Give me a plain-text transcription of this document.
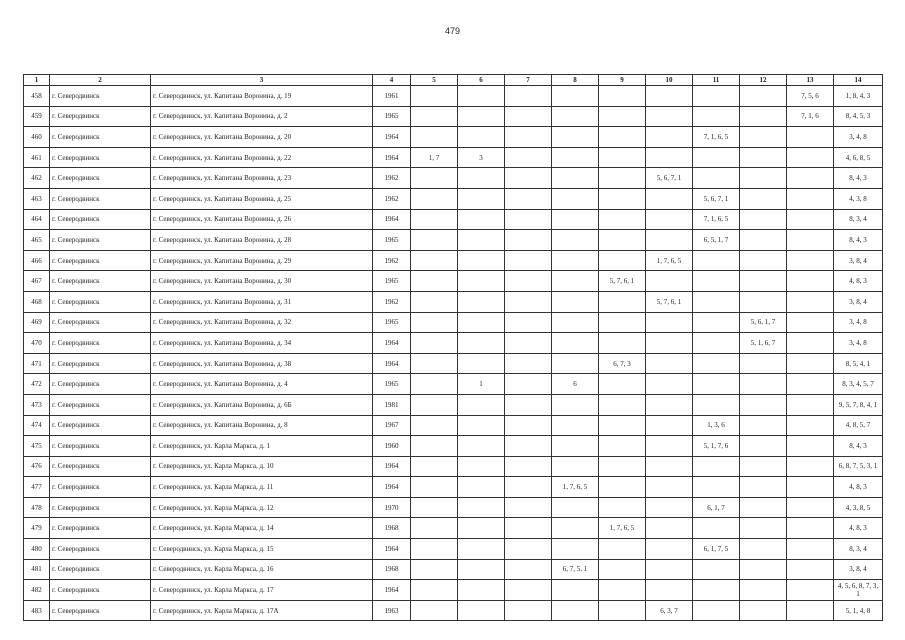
479
1	2	3	4	5	6	7	8	9	10	11	12	13	14
458	г. Северодвинск	г. Северодвинск, ул. Капитана Воронина, д. 19	1961									7, 5, 6	1, 8, 4, 3
459	г. Северодвинск	г. Северодвинск, ул. Капитана Воронина, д. 2	1965									7, 1, 6	8, 4, 5, 3
460	г. Северодвинск	г. Северодвинск, ул. Капитана Воронина, д. 20	1964							7, 1, 6, 5			3, 4, 8
461	г. Северодвинск	г. Северодвинск, ул. Капитана Воронина, д. 22	1964	1, 7	3								4, 6, 8, 5
462	г. Северодвинск	г. Северодвинск, ул. Капитана Воронина, д. 23	1962						5, 6, 7, 1				8, 4, 3
463	г. Северодвинск	г. Северодвинск, ул. Капитана Воронина, д. 25	1962							5, 6, 7, 1			4, 3, 8
464	г. Северодвинск	г. Северодвинск, ул. Капитана Воронина, д. 26	1964							7, 1, 6, 5			8, 3, 4
465	г. Северодвинск	г. Северодвинск, ул. Капитана Воронина, д. 28	1965							6, 5, 1, 7			8, 4, 3
466	г. Северодвинск	г. Северодвинск, ул. Капитана Воронина, д. 29	1962						1, 7, 6, 5				3, 8, 4
467	г. Северодвинск	г. Северодвинск, ул. Капитана Воронина, д. 30	1965					5, 7, 6, 1					4, 8, 3
468	г. Северодвинск	г. Северодвинск, ул. Капитана Воронина, д. 31	1962						5, 7, 6, 1				3, 8, 4
469	г. Северодвинск	г. Северодвинск, ул. Капитана Воронина, д. 32	1965								5, 6, 1, 7		3, 4, 8
470	г. Северодвинск	г. Северодвинск, ул. Капитана Воронина, д. 34	1964								5, 1, 6, 7		3, 4, 8
471	г. Северодвинск	г. Северодвинск, ул. Капитана Воронина, д. 38	1964					6, 7, 3					8, 5, 4, 1
472	г. Северодвинск	г. Северодвинск, ул. Капитана Воронина, д. 4	1965		1		6						8, 3, 4, 5, 7
473	г. Северодвинск	г. Северодвинск, ул. Капитана Воронина, д. 6Б	1981										9, 5, 7, 8, 4, 1
474	г. Северодвинск	г. Северодвинск, ул. Капитана Воронина, д. 8	1967							1, 3, 6			4, 8, 5, 7
475	г. Северодвинск	г. Северодвинск, ул. Карла Маркса, д. 1	1960							5, 1, 7, 6			8, 4, 3
476	г. Северодвинск	г. Северодвинск, ул. Карла Маркса, д. 10	1964										6, 8, 7, 5, 3, 1
477	г. Северодвинск	г. Северодвинск, ул. Карла Маркса, д. 11	1964				1, 7, 6, 5						4, 8, 3
478	г. Северодвинск	г. Северодвинск, ул. Карла Маркса, д. 12	1970							6, 1, 7			4, 3, 8, 5
479	г. Северодвинск	г. Северодвинск, ул. Карла Маркса, д. 14	1968					1, 7, 6, 5					4, 8, 3
480	г. Северодвинск	г. Северодвинск, ул. Карла Маркса, д. 15	1964							6, 1, 7, 5			8, 3, 4
481	г. Северодвинск	г. Северодвинск, ул. Карла Маркса, д. 16	1968				6, 7, 5, 1						3, 8, 4
482	г. Северодвинск	г. Северодвинск, ул. Карла Маркса, д. 17	1964										4, 5, 6, 8, 7, 3, 1
483	г. Северодвинск	г. Северодвинск, ул. Карла Маркса, д. 17А	1963						6, 3, 7				5, 1, 4, 8
